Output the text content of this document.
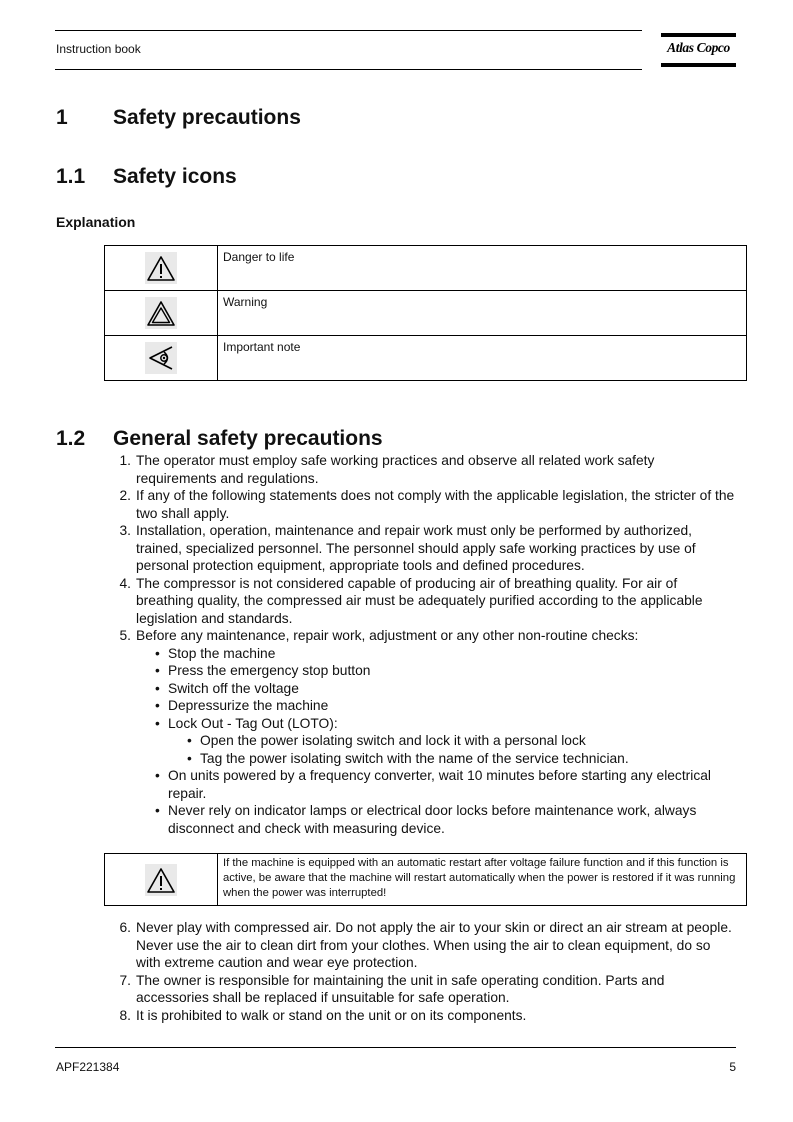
Instruction book	Atlas Copco
1 Safety precautions
1.1 Safety icons
Explanation
	Danger to life

	Warning

	Important note
1.2 General safety precautions
1. The operator must employ safe working practices and observe all related work safety requirements and regulations.
2. If any of the following statements does not comply with the applicable legislation, the stricter of the two shall apply.
3. Installation, operation, maintenance and repair work must only be performed by authorized, trained, specialized personnel. The personnel should apply safe working practices by use of personal protection equipment, appropriate tools and defined procedures.
4. The compressor is not considered capable of producing air of breathing quality. For air of breathing quality, the compressed air must be adequately purified according to the applicable legislation and standards.
5. Before any maintenance, repair work, adjustment or any other non-routine checks:
• Stop the machine
• Press the emergency stop button
• Switch off the voltage
• Depressurize the machine
• Lock Out - Tag Out (LOTO):
• Open the power isolating switch and lock it with a personal lock
• Tag the power isolating switch with the name of the service technician.
• On units powered by a frequency converter, wait 10 minutes before starting any electrical repair.
• Never rely on indicator lamps or electrical door locks before maintenance work, always disconnect and check with measuring device.
	If the machine is equipped with an automatic restart after voltage failure function and if this function is active, be aware that the machine will restart automatically when the power is restored if it was running when the power was interrupted!
6. Never play with compressed air. Do not apply the air to your skin or direct an air stream at people. Never use the air to clean dirt from your clothes. When using the air to clean equipment, do so with extreme caution and wear eye protection.
7. The owner is responsible for maintaining the unit in safe operating condition. Parts and accessories shall be replaced if unsuitable for safe operation.
8. It is prohibited to walk or stand on the unit or on its components.
APF221384	5
